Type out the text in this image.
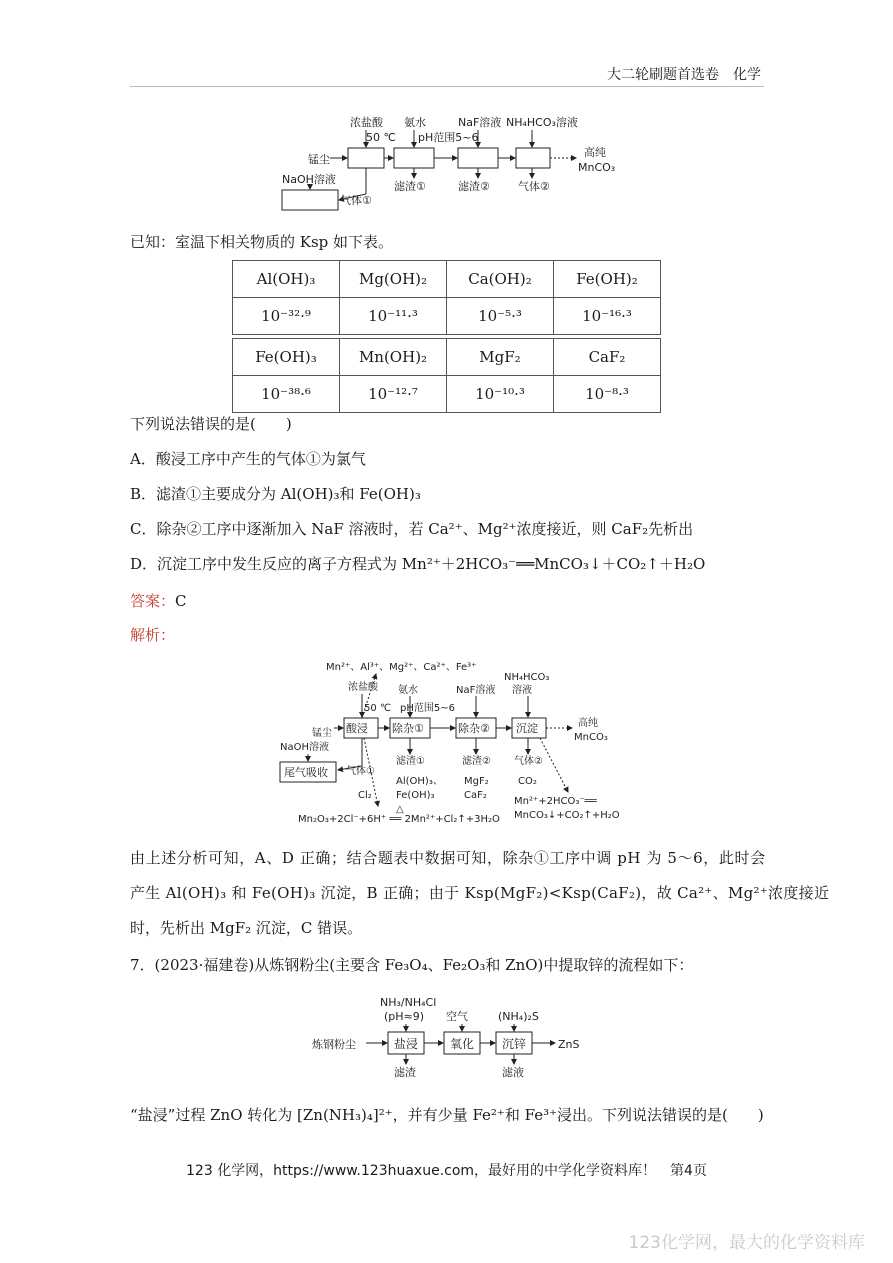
大二轮刷题首选卷　化学
浓盐酸 氨水	NaF溶液 NH₄HCO₃溶液
50 ℃ pH范围5~6
锰尘
NaOH溶液
高纯
MnCO₃
气体①
滤渣①	滤渣②	气体②
已知：室温下相关物质的 Ksp 如下表。
Al(OH)₃	Mg(OH)₂	Ca(OH)₂	Fe(OH)₂
10⁻³²·⁹	10⁻¹¹·³	10⁻⁵·³	10⁻¹⁶·³

Fe(OH)₃	Mn(OH)₂	MgF₂	CaF₂
10⁻³⁸·⁶	10⁻¹²·⁷	10⁻¹⁰·³	10⁻⁸·³
下列说法错误的是(　　)
A．酸浸工序中产生的气体①为氯气
B．滤渣①主要成分为 Al(OH)₃和 Fe(OH)₃
C．除杂②工序中逐渐加入 NaF 溶液时，若 Ca²⁺、Mg²⁺浓度接近，则 CaF₂先析出
D．沉淀工序中发生反应的离子方程式为 Mn²⁺＋2HCO₃⁻══MnCO₃↓＋CO₂↑＋H₂O
答案：C
解析：
Mn²⁺、Al³⁺、Mg²⁺、Ca²⁺、Fe³⁺
浓盐酸 氨水	NaF溶液
NH₄HCO₃
溶液
50 ℃ pH范围5~6
锰尘
NaOH溶液
高纯
MnCO₃
气体①
Cl₂
滤渣①
Al(OH)₃、
Fe(OH)₃
滤渣②
MgF₂
CaF₂
气体②
CO₂
Mn₂O₃+2Cl⁻+6H⁺ ══ 2Mn²⁺+Cl₂↑+3H₂O
△
Mn²⁺+2HCO₃⁻══
MnCO₃↓+CO₂↑+H₂O
酸浸 除杂①	除杂② 沉淀
尾气吸收
由上述分析可知，A、D 正确；结合题表中数据可知，除杂①工序中调 pH 为 5～6，此时会
产生 Al(OH)₃ 和 Fe(OH)₃ 沉淀，B 正确；由于 Ksp(MgF₂)<Ksp(CaF₂)，故 Ca²⁺、Mg²⁺浓度接近
时，先析出 MgF₂ 沉淀，C 错误。
7．(2023·福建卷)从炼钢粉尘(主要含 Fe₃O₄、Fe₂O₃和 ZnO)中提取锌的流程如下：
NH₃/NH₄Cl
(pH≈9) 空气	(NH₄)₂S
炼钢粉尘	ZnS
滤渣	滤液
盐浸	氧化 沉锌
“盐浸”过程 ZnO 转化为 [Zn(NH₃)₄]²⁺，并有少量 Fe²⁺和 Fe³⁺浸出。下列说法错误的是(　　)
123 化学网，https://www.123huaxue.com，最好用的中学化学资料库！　第4页
123化学网，最大的化学资料库
